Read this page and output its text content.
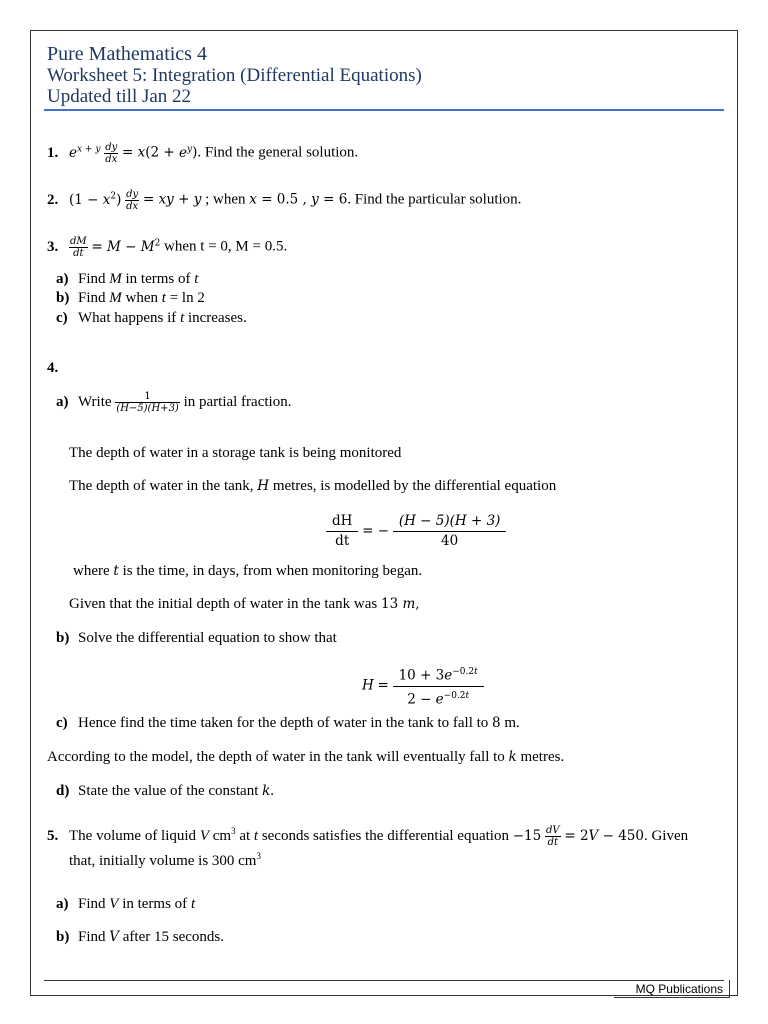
Pure Mathematics 4
Worksheet 5: Integration (Differential Equations)
Updated till Jan 22
1. $e^{x + y} \frac{dy}{dx} = x(2 + e^y)$. Find the general solution.
2. $(1 - x^2) \frac{dy}{dx}$ = xy + y ; when x = 0.5 , y = 6. Find the particular solution.
3. $\frac{dM}{dt} = M - M^2$ when t = 0, M = 0.5.
a) Find M in terms of t
b) Find M when t = ln 2
c) What happens if t increases.
4.
a) Write $\frac{1}{(H-5)(H+3)}$ in partial fraction.
The depth of water in a storage tank is being monitored
The depth of water in the tank, H metres, is modelled by the differential equation
$\frac{dH}{dt}$ = − $\frac{(H - 5)(H + 3)}{40}$
where t is the time, in days, from when monitoring began.
Given that the initial depth of water in the tank was 13 m,
b) Solve the differential equation to show that
$H = \frac{10 + 3e^{-0.2t}}{2 - e^{-0.2t}}$
c) Hence find the time taken for the depth of water in the tank to fall to 8 m.
According to the model, the depth of water in the tank will eventually fall to k metres.
d) State the value of the constant k.
5. The volume of liquid V $cm^3$ at t seconds satisfies the differential equation $-15 \frac{dV}{dt} = 2V - 450$. Given
that, initially volume is 300 $cm^3$
a) Find V in terms of t
b) Find V after 15 seconds.
MQ Publications
